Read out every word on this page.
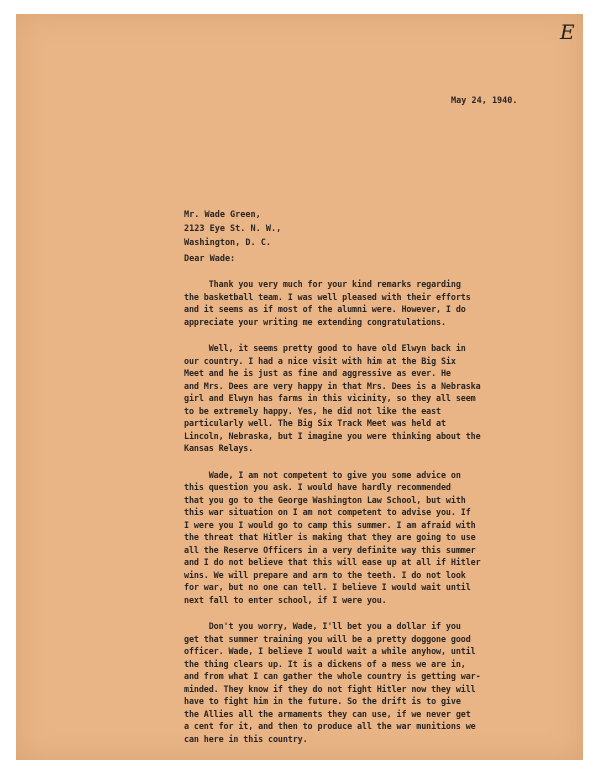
E

May 24, 1940.

Mr. Wade Green,

2123 Eye St. N. W.,

Washington, D. C.

Dear Wade:

Thank you very much for your kind remarks regarding
the basketball team. I was well pleased with their efforts
and it seems as if most of the alumni were. However, I do
appreciate your writing me extending congratulations.
Well, it seems pretty good to have old Elwyn back in
our country. I had a nice visit with him at the Big Six
Meet and he is just as fine and aggressive as ever. He
and Mrs. Dees are very happy in that Mrs. Dees is a Nebraska
girl and Elwyn has farms in this vicinity, so they all seem
to be extremely happy. Yes, he did not like the east
particularly well. The Big Six Track Meet was held at
Lincoln, Nebraska, but I imagine you were thinking about the
Kansas Relays.
Wade, I am not competent to give you some advice on
this question you ask. I would have hardly recommended
that you go to the George Washington Law School, but with
this war situation on I am not competent to advise you. If
I were you I would go to camp this summer. I am afraid with
the threat that Hitler is making that they are going to use
all the Reserve Officers in a very definite way this summer
and I do not believe that this will ease up at all if Hitler
wins. We will prepare and arm to the teeth. I do not look
for war, but no one can tell. I believe I would wait until
next fall to enter school, if I were you.
Don't you worry, Wade, I'll bet you a dollar if you
get that summer training you will be a pretty doggone good
officer. Wade, I believe I would wait a while anyhow, until
the thing clears up. It is a dickens of a mess we are in,
and from what I can gather the whole country is getting war-
minded. They know if they do not fight Hitler now they will
have to fight him in the future. So the drift is to give
the Allies all the armaments they can use, if we never get
a cent for it, and then to produce all the war munitions we
can here in this country.
